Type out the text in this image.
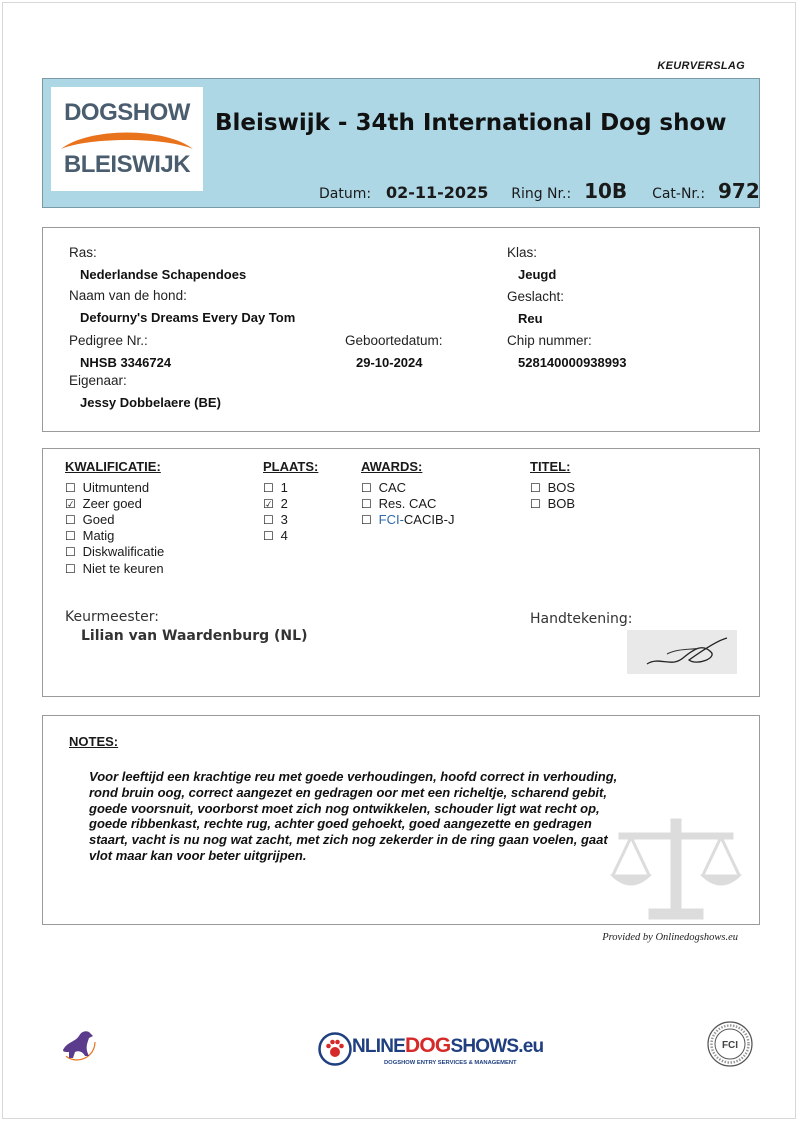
KEURVERSLAG
DOGSHOW
BLEISWIJK
Bleiswijk - 34th International Dog show
Datum: 02-11-2025 Ring Nr.: 10B Cat-Nr.: 972
Ras:
Nederlandse Schapendoes
Naam van de hond:
Defourny's Dreams Every Day Tom
Pedigree Nr.:
NHSB 3346724
Eigenaar:
Jessy Dobbelaere (BE)
Geboortedatum:
29-10-2024
Klas:
Jeugd
Geslacht:
Reu
Chip nummer:
528140000938993
KWALIFICATIE:	PLAATS:	AWARDS:	TITEL:
☐ Uitmuntend
☑ Zeer goed
☐ Goed
☐ Matig
☐ Diskwalificatie
☐ Niet te keuren
☐ 1
☑ 2
☐ 3
☐ 4
☐ CAC
☐ Res. CAC
☐ FCI-CACIB-J
☐ BOS
☐ BOB
Keurmeester:
Lilian van Waardenburg (NL)
Handtekening:
NOTES:
Voor leeftijd een krachtige reu met goede verhoudingen, hoofd correct in verhouding,
rond bruin oog, correct aangezet en gedragen oor met een richeltje, scharend gebit,
goede voorsnuit, voorborst moet zich nog ontwikkelen, schouder ligt wat recht op,
goede ribbenkast, rechte rug, achter goed gehoekt, goed aangezette en gedragen
staart, vacht is nu nog wat zacht, met zich nog zekerder in de ring gaan voelen, gaat
vlot maar kan voor beter uitgrijpen.
Provided by Onlinedogshows.eu
NLINEDOGSHOWS.eu
DOGSHOW ENTRY SERVICES & MANAGEMENT
FCI
